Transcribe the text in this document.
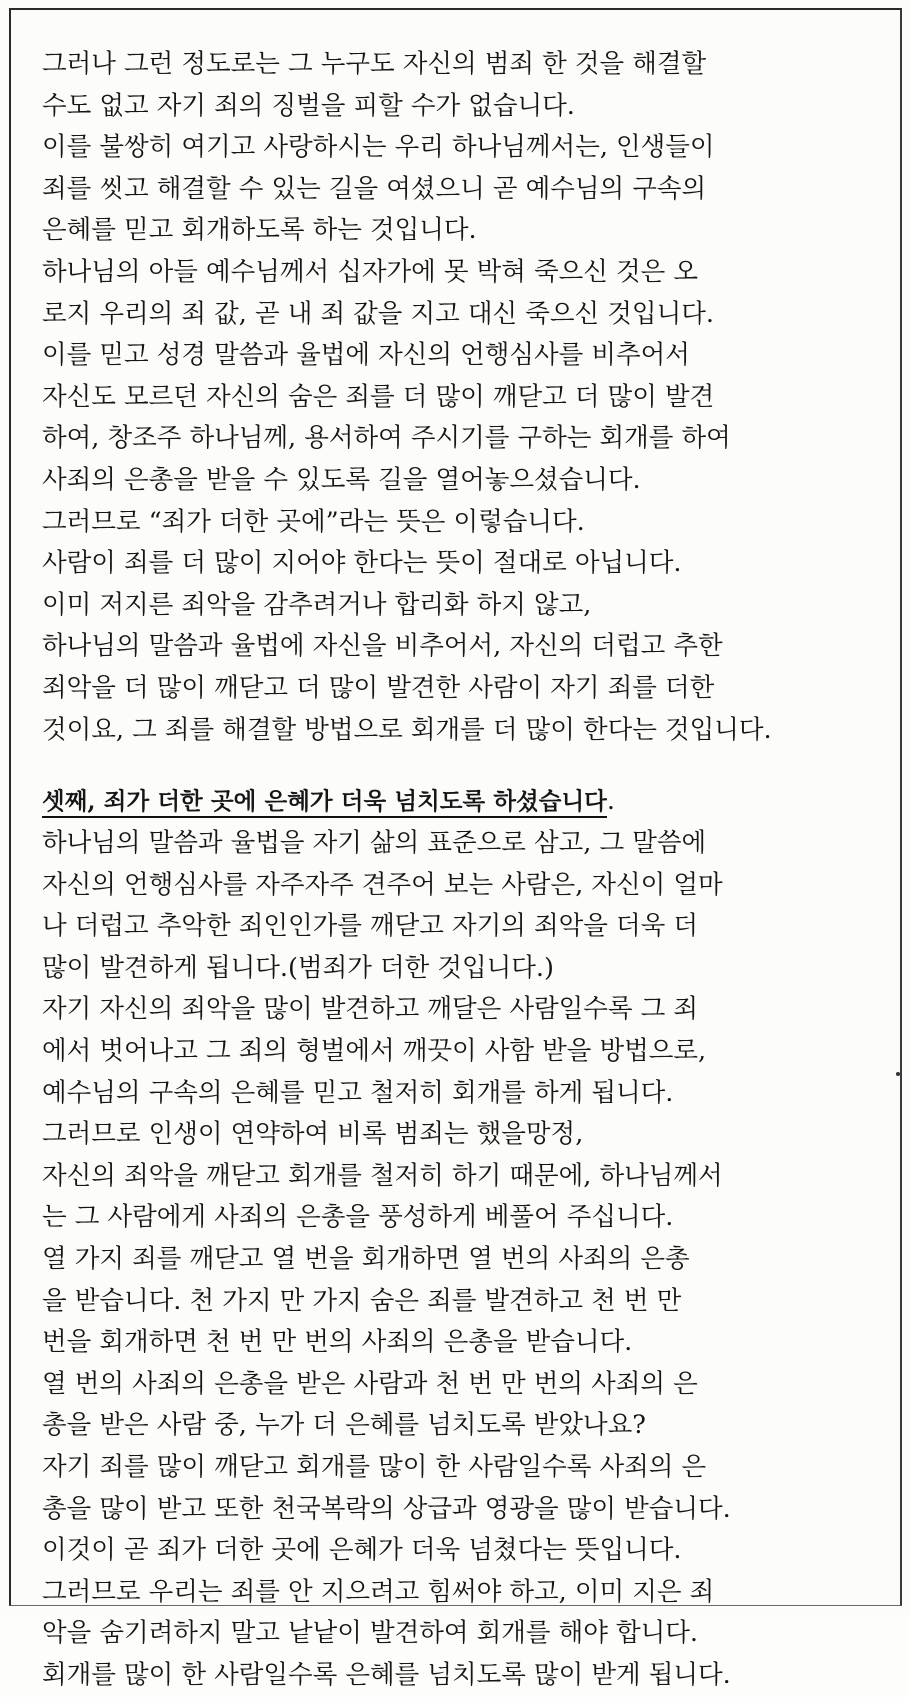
그러나 그런 정도로는 그 누구도 자신의 범죄 한 것을 해결할
수도 없고 자기 죄의 징벌을 피할 수가 없습니다.
이를 불쌍히 여기고 사랑하시는 우리 하나님께서는, 인생들이
죄를 씻고 해결할 수 있는 길을 여셨으니 곧 예수님의 구속의
은혜를 믿고 회개하도록 하는 것입니다.
하나님의 아들 예수님께서 십자가에 못 박혀 죽으신 것은 오
로지 우리의 죄 값, 곧 내 죄 값을 지고 대신 죽으신 것입니다.
이를 믿고 성경 말씀과 율법에 자신의 언행심사를 비추어서
자신도 모르던 자신의 숨은 죄를 더 많이 깨닫고 더 많이 발견
하여, 창조주 하나님께, 용서하여 주시기를 구하는 회개를 하여
사죄의 은총을 받을 수 있도록 길을 열어놓으셨습니다.
그러므로 “죄가 더한 곳에”라는 뜻은 이렇습니다.
사람이 죄를 더 많이 지어야 한다는 뜻이 절대로 아닙니다.
이미 저지른 죄악을 감추려거나 합리화 하지 않고,
하나님의 말씀과 율법에 자신을 비추어서, 자신의 더럽고 추한
죄악을 더 많이 깨닫고 더 많이 발견한 사람이 자기 죄를 더한
것이요, 그 죄를 해결할 방법으로 회개를 더 많이 한다는 것입니다.
셋째, 죄가 더한 곳에 은혜가 더욱 넘치도록 하셨습니다.
하나님의 말씀과 율법을 자기 삶의 표준으로 삼고, 그 말씀에
자신의 언행심사를 자주자주 견주어 보는 사람은, 자신이 얼마
나 더럽고 추악한 죄인인가를 깨닫고 자기의 죄악을 더욱 더
많이 발견하게 됩니다.(범죄가 더한 것입니다.)
자기 자신의 죄악을 많이 발견하고 깨달은 사람일수록 그 죄
에서 벗어나고 그 죄의 형벌에서 깨끗이 사함 받을 방법으로,
예수님의 구속의 은혜를 믿고 철저히 회개를 하게 됩니다.
그러므로 인생이 연약하여 비록 범죄는 했을망정,
자신의 죄악을 깨닫고 회개를 철저히 하기 때문에, 하나님께서
는 그 사람에게 사죄의 은총을 풍성하게 베풀어 주십니다.
열 가지 죄를 깨닫고 열 번을 회개하면 열 번의 사죄의 은총
을 받습니다. 천 가지 만 가지 숨은 죄를 발견하고 천 번 만
번을 회개하면 천 번 만 번의 사죄의 은총을 받습니다.
열 번의 사죄의 은총을 받은 사람과 천 번 만 번의 사죄의 은
총을 받은 사람 중, 누가 더 은혜를 넘치도록 받았나요?
자기 죄를 많이 깨닫고 회개를 많이 한 사람일수록 사죄의 은
총을 많이 받고 또한 천국복락의 상급과 영광을 많이 받습니다.
이것이 곧 죄가 더한 곳에 은혜가 더욱 넘쳤다는 뜻입니다.
그러므로 우리는 죄를 안 지으려고 힘써야 하고, 이미 지은 죄
악을 숨기려하지 말고 낱낱이 발견하여 회개를 해야 합니다.
회개를 많이 한 사람일수록 은혜를 넘치도록 많이 받게 됩니다.
